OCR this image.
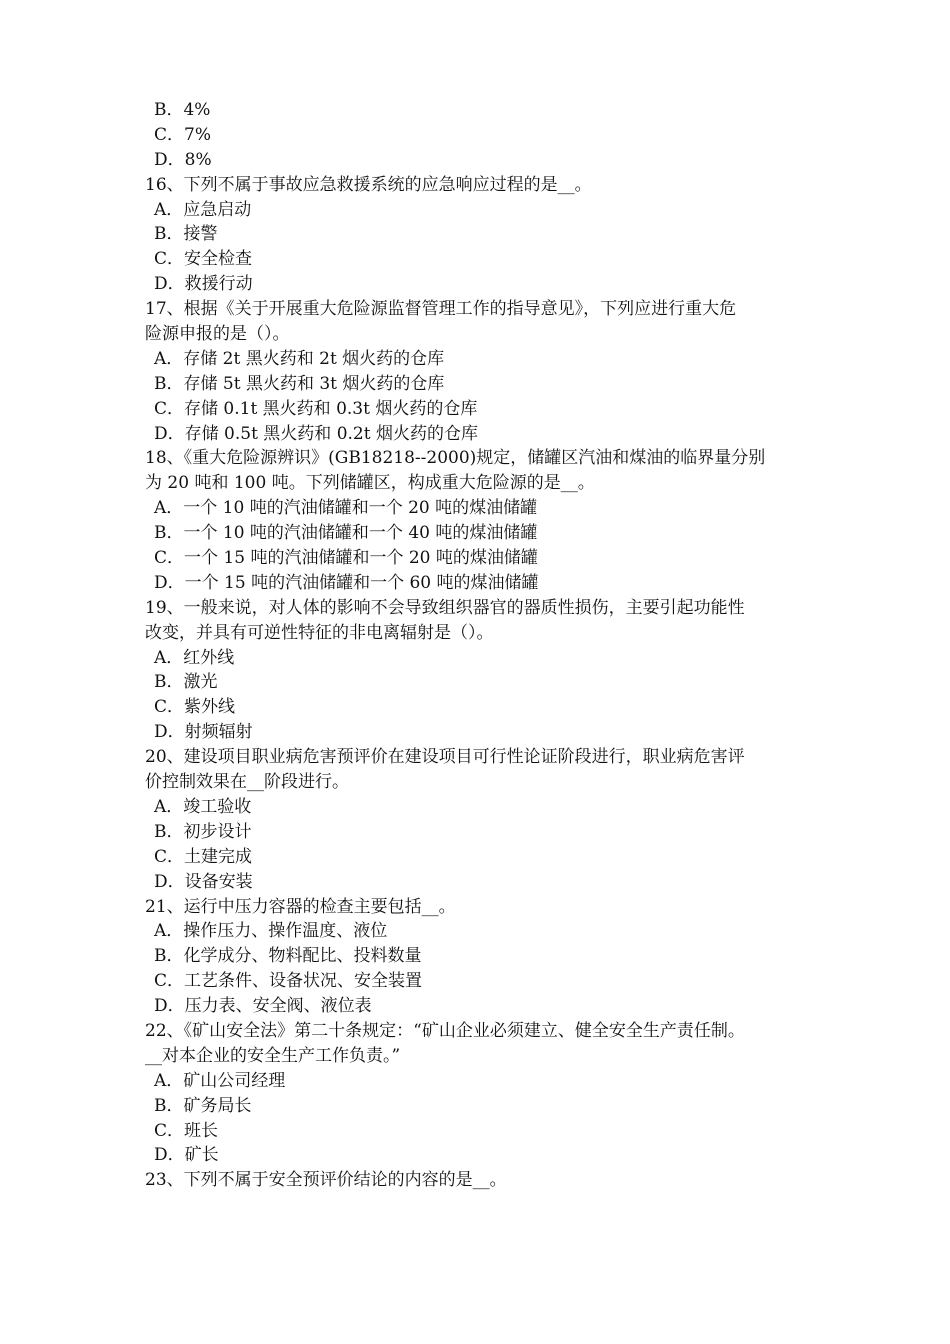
B．4%
C．7%
D．8%
16、下列不属于事故应急救援系统的应急响应过程的是__。
A．应急启动
B．接警
C．安全检查
D．救援行动
17、根据《关于开展重大危险源监督管理工作的指导意见》，下列应进行重大危
险源申报的是（）。
A．存储 2t 黑火药和 2t 烟火药的仓库
B．存储 5t 黑火药和 3t 烟火药的仓库
C．存储 0.1t 黑火药和 0.3t 烟火药的仓库
D．存储 0.5t 黑火药和 0.2t 烟火药的仓库
18、《重大危险源辨识》(GB18218--2000)规定，储罐区汽油和煤油的临界量分别
为 20 吨和 100 吨。下列储罐区，构成重大危险源的是__。
A．一个 10 吨的汽油储罐和一个 20 吨的煤油储罐
B．一个 10 吨的汽油储罐和一个 40 吨的煤油储罐
C．一个 15 吨的汽油储罐和一个 20 吨的煤油储罐
D．一个 15 吨的汽油储罐和一个 60 吨的煤油储罐
19、一般来说，对人体的影响不会导致组织器官的器质性损伤，主要引起功能性
改变，并具有可逆性特征的非电离辐射是（）。
A．红外线
B．激光
C．紫外线
D．射频辐射
20、建设项目职业病危害预评价在建设项目可行性论证阶段进行，职业病危害评
价控制效果在__阶段进行。
A．竣工验收
B．初步设计
C．土建完成
D．设备安装
21、运行中压力容器的检查主要包括__。
A．操作压力、操作温度、液位
B．化学成分、物料配比、投料数量
C．工艺条件、设备状况、安全装置
D．压力表、安全阀、液位表
22、《矿山安全法》第二十条规定：“矿山企业必须建立、健全安全生产责任制。
__对本企业的安全生产工作负责。”
A．矿山公司经理
B．矿务局长
C．班长
D．矿长
23、下列不属于安全预评价结论的内容的是__。
